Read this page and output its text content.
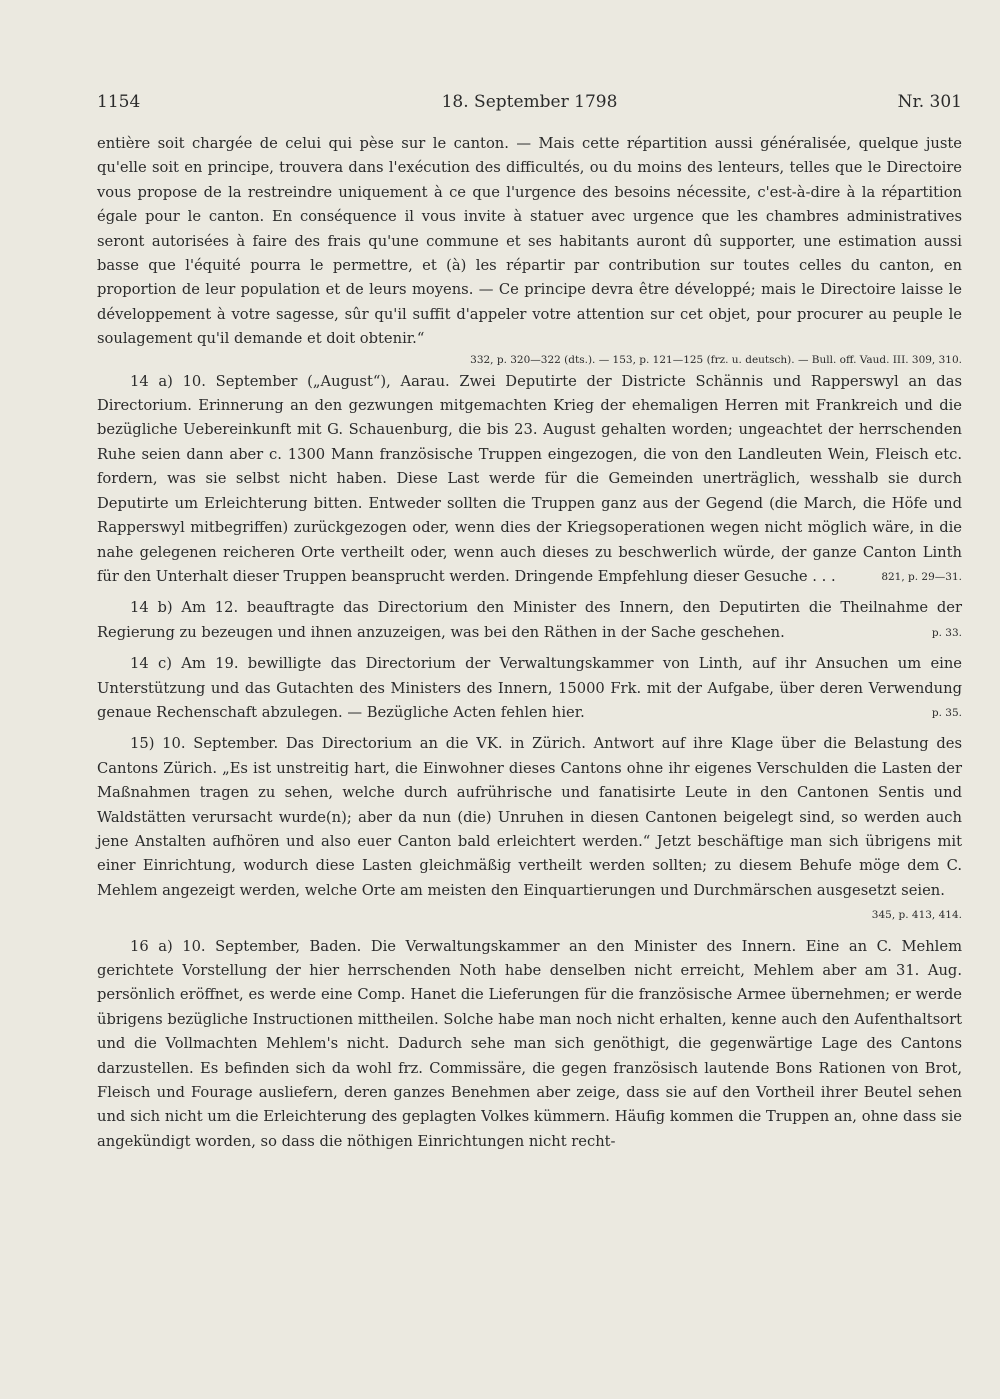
1154	18. September 1798	Nr. 301

entière soit chargée de celui qui pèse sur le canton. — Mais cette répartition aussi généralisée, quelque juste qu'elle soit en principe, trouvera dans l'exécution des difficultés, ou du moins des lenteurs, telles que le Directoire vous propose de la restreindre uniquement à ce que l'urgence des besoins nécessite, c'est-à-dire à la répartition égale pour le canton. En conséquence il vous invite à statuer avec urgence que les chambres administratives seront autorisées à faire des frais qu'une commune et ses habitants auront dû supporter, une estimation aussi basse que l'équité pourra le permettre, et (à) les répartir par contribution sur toutes celles du canton, en proportion de leur population et de leurs moyens. — Ce principe devra être développé; mais le Directoire laisse le développement à votre sagesse, sûr qu'il suffit d'appeler votre attention sur cet objet, pour procurer au peuple le soulagement qu'il demande et doit obtenir.“
332, p. 320—322 (dts.). — 153, p. 121—125 (frz. u. deutsch). — Bull. off. Vaud. III. 309, 310.

14 a) 10. September („August“), Aarau. Zwei Deputirte der Districte Schännis und Rapperswyl an das Directorium. Erinnerung an den gezwungen mitgemachten Krieg der ehemaligen Herren mit Frankreich und die bezügliche Uebereinkunft mit G. Schauenburg, die bis 23. August gehalten worden; ungeachtet der herrschenden Ruhe seien dann aber c. 1300 Mann französische Truppen eingezogen, die von den Landleuten Wein, Fleisch etc. fordern, was sie selbst nicht haben. Diese Last werde für die Gemeinden unerträglich, wesshalb sie durch Deputirte um Erleichterung bitten. Entweder sollten die Truppen ganz aus der Gegend (die March, die Höfe und Rapperswyl mitbegriffen) zurückgezogen oder, wenn dies der Kriegsoperationen wegen nicht möglich wäre, in die nahe gelegenen reicheren Orte vertheilt oder, wenn auch dieses zu beschwerlich würde, der ganze Canton Linth für den Unterhalt dieser Truppen beansprucht werden. Dringende Empfehlung dieser Gesuche . . .	821, p. 29—31.

14 b) Am 12. beauftragte das Directorium den Minister des Innern, den Deputirten die Theilnahme der Regierung zu bezeugen und ihnen anzuzeigen, was bei den Räthen in der Sache geschehen.	p. 33.

14 c) Am 19. bewilligte das Directorium der Verwaltungskammer von Linth, auf ihr Ansuchen um eine Unterstützung und das Gutachten des Ministers des Innern, 15000 Frk. mit der Aufgabe, über deren Verwendung genaue Rechenschaft abzulegen. — Bezügliche Acten fehlen hier.	p. 35.

15) 10. September. Das Directorium an die VK. in Zürich. Antwort auf ihre Klage über die Belastung des Cantons Zürich. „Es ist unstreitig hart, die Einwohner dieses Cantons ohne ihr eigenes Verschulden die Lasten der Maßnahmen tragen zu sehen, welche durch aufrührische und fanatisirte Leute in den Cantonen Sentis und Waldstätten verursacht wurde(n); aber da nun (die) Unruhen in diesen Cantonen beigelegt sind, so werden auch jene Anstalten aufhören und also euer Canton bald erleichtert werden.“ Jetzt beschäftige man sich übrigens mit einer Einrichtung, wodurch diese Lasten gleichmäßig vertheilt werden sollten; zu diesem Behufe möge dem C. Mehlem angezeigt werden, welche Orte am meisten den Einquartierungen und Durchmärschen ausgesetzt seien.
345, p. 413, 414.

16 a) 10. September, Baden. Die Verwaltungskammer an den Minister des Innern. Eine an C. Mehlem gerichtete Vorstellung der hier herrschenden Noth habe denselben nicht erreicht, Mehlem aber am 31. Aug. persönlich eröffnet, es werde eine Comp. Hanet die Lieferungen für die französische Armee übernehmen; er werde übrigens bezügliche Instructionen mittheilen. Solche habe man noch nicht erhalten, kenne auch den Aufenthaltsort und die Vollmachten Mehlem's nicht. Dadurch sehe man sich genöthigt, die gegenwärtige Lage des Cantons darzustellen. Es befinden sich da wohl frz. Commissäre, die gegen französisch lautende Bons Rationen von Brot, Fleisch und Fourage ausliefern, deren ganzes Benehmen aber zeige, dass sie auf den Vortheil ihrer Beutel sehen und sich nicht um die Erleichterung des geplagten Volkes kümmern. Häufig kommen die Truppen an, ohne dass sie angekündigt worden, so dass die nöthigen Einrichtungen nicht recht-
